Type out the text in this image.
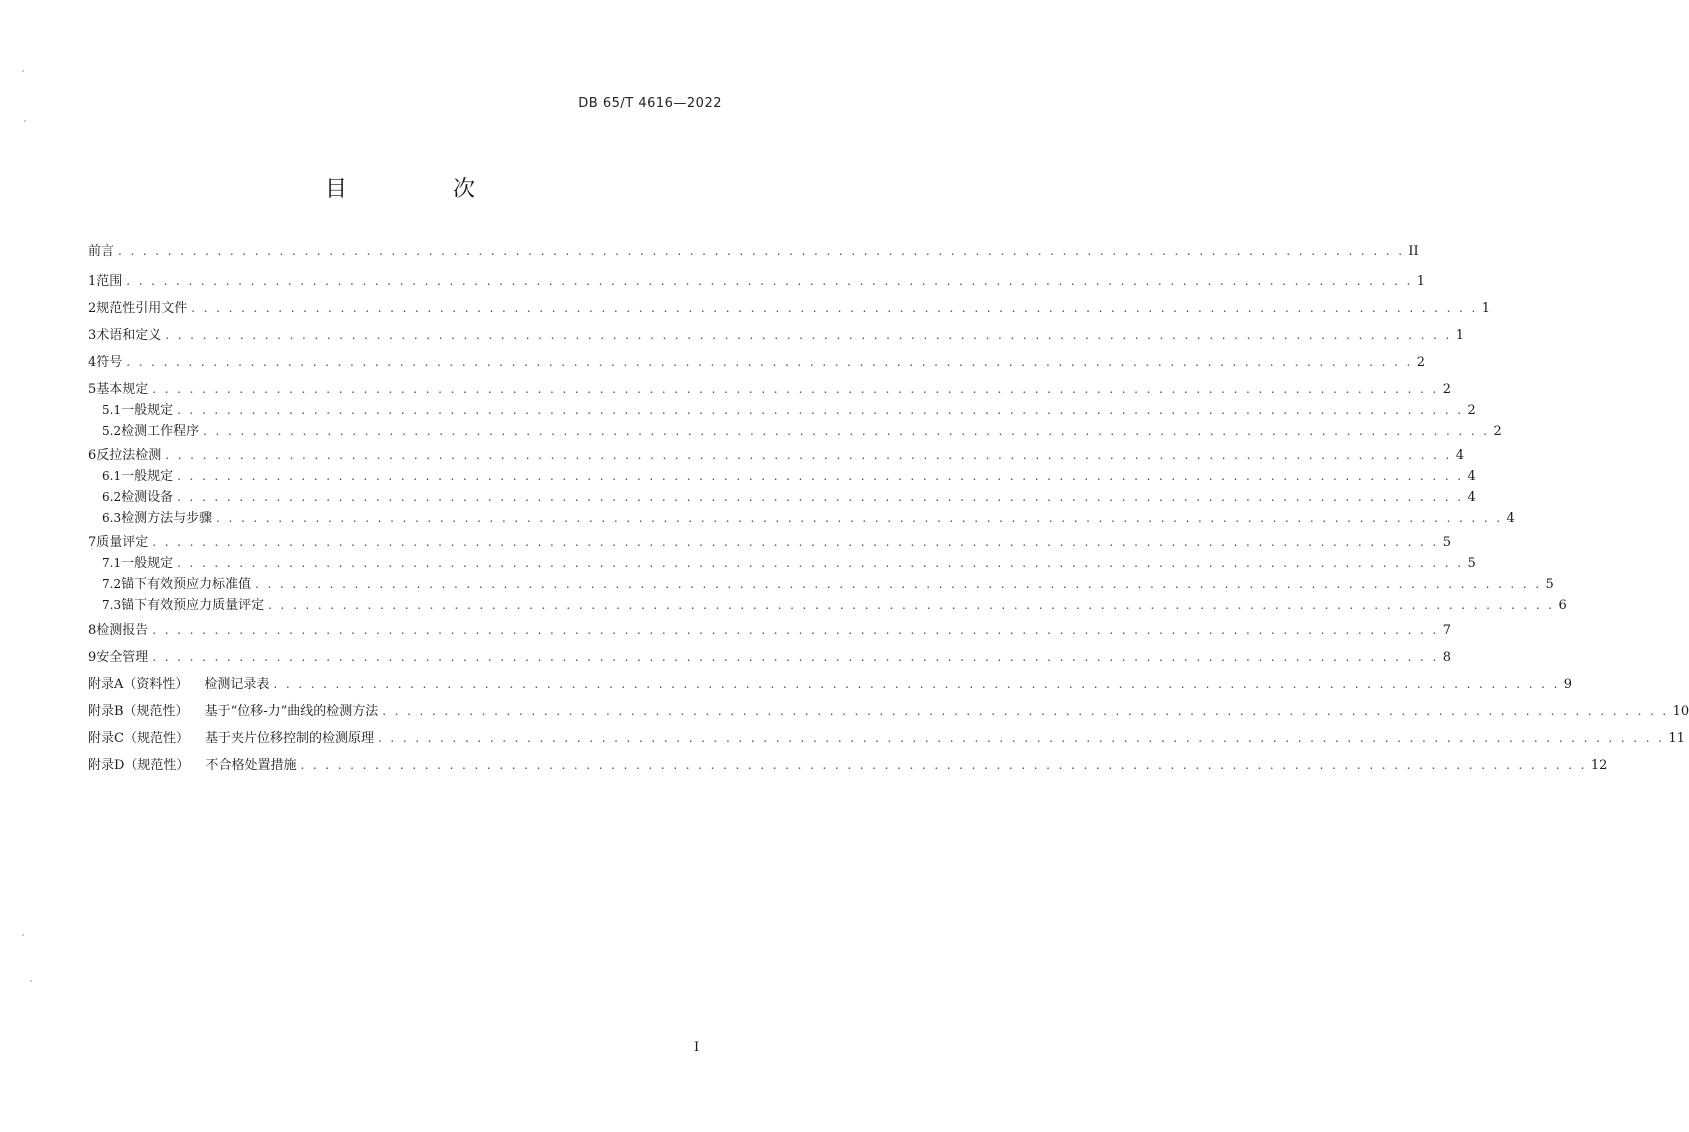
DB 65/T 4616—2022
目　次
前言 . . . . . . . . . . . . . . . . . . . . . . . . . . . . . . . . . . . . . . . . . . . . . . . . . . . . . . . . . . . . . . . . . . . . . . . . . . . . . . . . . . . . . . . . . . . . . . . . . . . . . . . . II
1 范围 . . . . . . . . . . . . . . . . . . . . . . . . . . . . . . . . . . . . . . . . . . . . . . . . . . . . . . . . . . . . . . . . . . . . . . . . . . . . . . . . . . . . . . . . . . . . . . . . . . . . . . . . 1
2 规范性引用文件 . . . . . . . . . . . . . . . . . . . . . . . . . . . . . . . . . . . . . . . . . . . . . . . . . . . . . . . . . . . . . . . . . . . . . . . . . . . . . . . . . . . . . . . . . . . . . . . . . . . . . . . . 1
3 术语和定义 . . . . . . . . . . . . . . . . . . . . . . . . . . . . . . . . . . . . . . . . . . . . . . . . . . . . . . . . . . . . . . . . . . . . . . . . . . . . . . . . . . . . . . . . . . . . . . . . . . . . . . . . 1
4 符号 . . . . . . . . . . . . . . . . . . . . . . . . . . . . . . . . . . . . . . . . . . . . . . . . . . . . . . . . . . . . . . . . . . . . . . . . . . . . . . . . . . . . . . . . . . . . . . . . . . . . . . . . 2
5 基本规定 . . . . . . . . . . . . . . . . . . . . . . . . . . . . . . . . . . . . . . . . . . . . . . . . . . . . . . . . . . . . . . . . . . . . . . . . . . . . . . . . . . . . . . . . . . . . . . . . . . . . . . . . 2
5.1 一般规定 . . . . . . . . . . . . . . . . . . . . . . . . . . . . . . . . . . . . . . . . . . . . . . . . . . . . . . . . . . . . . . . . . . . . . . . . . . . . . . . . . . . . . . . . . . . . . . . . . . . . . . . . 2
5.2 检测工作程序 . . . . . . . . . . . . . . . . . . . . . . . . . . . . . . . . . . . . . . . . . . . . . . . . . . . . . . . . . . . . . . . . . . . . . . . . . . . . . . . . . . . . . . . . . . . . . . . . . . . . . . . . 2
6 反拉法检测 . . . . . . . . . . . . . . . . . . . . . . . . . . . . . . . . . . . . . . . . . . . . . . . . . . . . . . . . . . . . . . . . . . . . . . . . . . . . . . . . . . . . . . . . . . . . . . . . . . . . . . . . 4
6.1 一般规定 . . . . . . . . . . . . . . . . . . . . . . . . . . . . . . . . . . . . . . . . . . . . . . . . . . . . . . . . . . . . . . . . . . . . . . . . . . . . . . . . . . . . . . . . . . . . . . . . . . . . . . . . 4
6.2 检测设备 . . . . . . . . . . . . . . . . . . . . . . . . . . . . . . . . . . . . . . . . . . . . . . . . . . . . . . . . . . . . . . . . . . . . . . . . . . . . . . . . . . . . . . . . . . . . . . . . . . . . . . . . 4
6.3 检测方法与步骤 . . . . . . . . . . . . . . . . . . . . . . . . . . . . . . . . . . . . . . . . . . . . . . . . . . . . . . . . . . . . . . . . . . . . . . . . . . . . . . . . . . . . . . . . . . . . . . . . . . . . . . . . 4
7 质量评定 . . . . . . . . . . . . . . . . . . . . . . . . . . . . . . . . . . . . . . . . . . . . . . . . . . . . . . . . . . . . . . . . . . . . . . . . . . . . . . . . . . . . . . . . . . . . . . . . . . . . . . . . 5
7.1 一般规定 . . . . . . . . . . . . . . . . . . . . . . . . . . . . . . . . . . . . . . . . . . . . . . . . . . . . . . . . . . . . . . . . . . . . . . . . . . . . . . . . . . . . . . . . . . . . . . . . . . . . . . . . 5
7.2 锚下有效预应力标准值 . . . . . . . . . . . . . . . . . . . . . . . . . . . . . . . . . . . . . . . . . . . . . . . . . . . . . . . . . . . . . . . . . . . . . . . . . . . . . . . . . . . . . . . . . . . . . . . . . . . . . . . . 5
7.3 锚下有效预应力质量评定 . . . . . . . . . . . . . . . . . . . . . . . . . . . . . . . . . . . . . . . . . . . . . . . . . . . . . . . . . . . . . . . . . . . . . . . . . . . . . . . . . . . . . . . . . . . . . . . . . . . . . . . . 6
8 检测报告 . . . . . . . . . . . . . . . . . . . . . . . . . . . . . . . . . . . . . . . . . . . . . . . . . . . . . . . . . . . . . . . . . . . . . . . . . . . . . . . . . . . . . . . . . . . . . . . . . . . . . . . . 7
9 安全管理 . . . . . . . . . . . . . . . . . . . . . . . . . . . . . . . . . . . . . . . . . . . . . . . . . . . . . . . . . . . . . . . . . . . . . . . . . . . . . . . . . . . . . . . . . . . . . . . . . . . . . . . . 8
附录A（资料性）	检测记录表 . . . . . . . . . . . . . . . . . . . . . . . . . . . . . . . . . . . . . . . . . . . . . . . . . . . . . . . . . . . . . . . . . . . . . . . . . . . . . . . . . . . . . . . . . . . . . . . . . . . . . . . . 9
附录B（规范性）	基于“位移-力”曲线的检测方法 . . . . . . . . . . . . . . . . . . . . . . . . . . . . . . . . . . . . . . . . . . . . . . . . . . . . . . . . . . . . . . . . . . . . . . . . . . . . . . . . . . . . . . . . . . . . . . . . . . . . . . . . 10
附录C（规范性）	基于夹片位移控制的检测原理 . . . . . . . . . . . . . . . . . . . . . . . . . . . . . . . . . . . . . . . . . . . . . . . . . . . . . . . . . . . . . . . . . . . . . . . . . . . . . . . . . . . . . . . . . . . . . . . . . . . . . . . . 11
附录D（规范性）	不合格处置措施 . . . . . . . . . . . . . . . . . . . . . . . . . . . . . . . . . . . . . . . . . . . . . . . . . . . . . . . . . . . . . . . . . . . . . . . . . . . . . . . . . . . . . . . . . . . . . . . . . . . . . . . . 12
I
